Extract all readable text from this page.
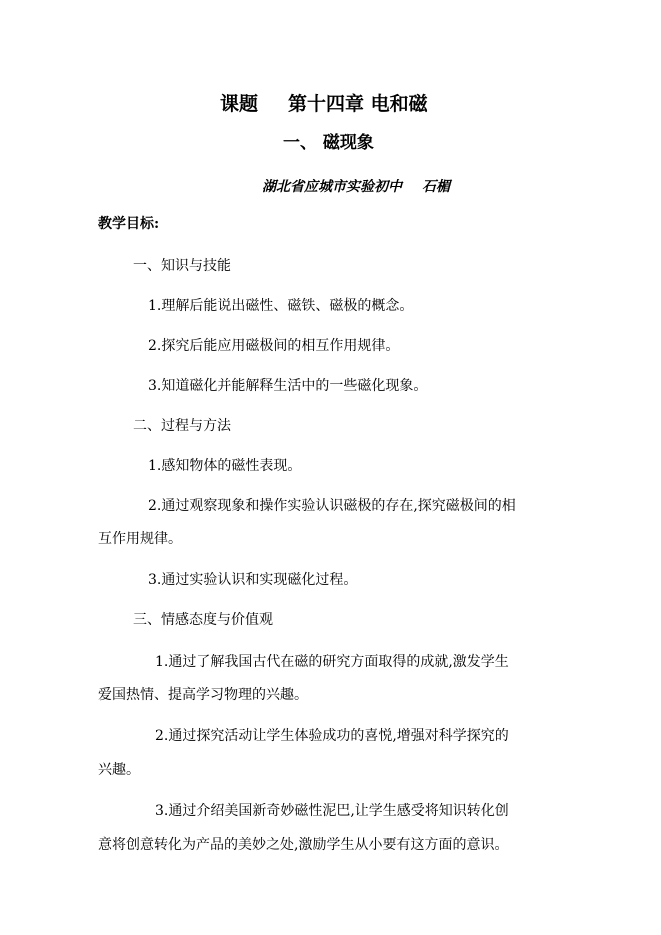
课题 第十四章 电和磁
一、 磁现象
湖北省应城市实验初中 石楣
教学目标:
一、知识与技能
1.理解后能说出磁性、磁铁、磁极的概念。
2.探究后能应用磁极间的相互作用规律。
3.知道磁化并能解释生活中的一些磁化现象。
二、过程与方法
1.感知物体的磁性表现。
2.通过观察现象和操作实验认识磁极的存在,探究磁极间的相
互作用规律。
3.通过实验认识和实现磁化过程。
三、情感态度与价值观
1.通过了解我国古代在磁的研究方面取得的成就,激发学生
爱国热情、提高学习物理的兴趣。
2.通过探究活动让学生体验成功的喜悦,增强对科学探究的
兴趣。
3.通过介绍美国新奇妙磁性泥巴,让学生感受将知识转化创
意将创意转化为产品的美妙之处,激励学生从小要有这方面的意识。
